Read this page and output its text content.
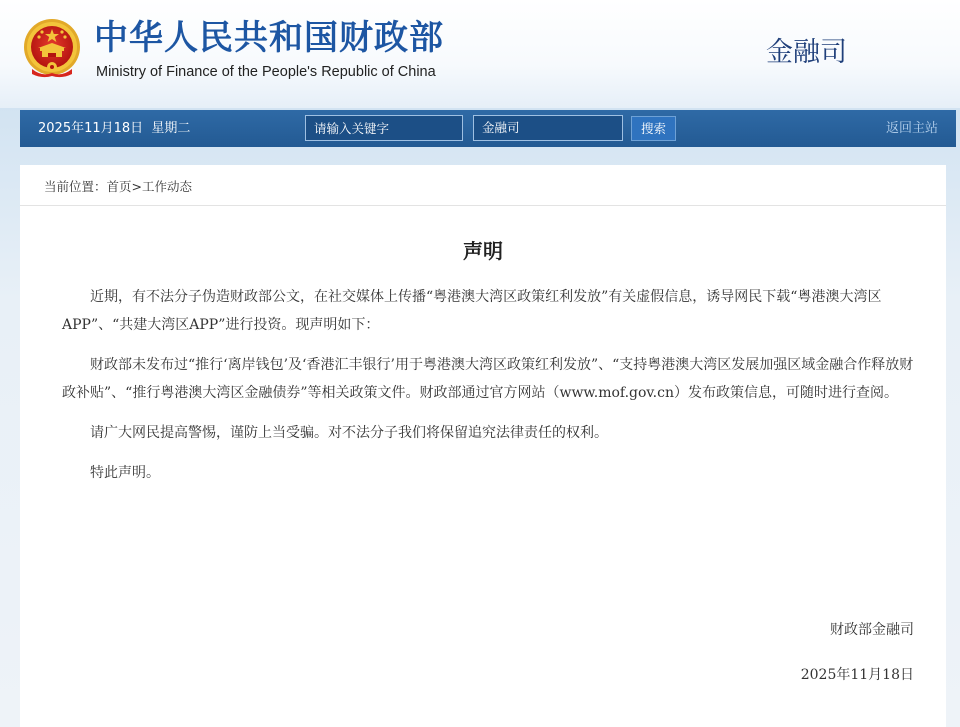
中华人民共和国财政部
Ministry of Finance of the People's Republic of China
金融司
2025年11月18日  星期二
请输入关键字	金融司	搜索	返回主站
当前位置：首页>工作动态
声明

近期，有不法分子伪造财政部公文，在社交媒体上传播“粤港澳大湾区政策红利发放”有关虚假信息，诱导网民下载“粤港澳大湾区APP”、“共建大湾区APP”进行投资。现声明如下：

财政部未发布过“推行‘离岸钱包’及‘香港汇丰银行’用于粤港澳大湾区政策红利发放”、“支持粤港澳大湾区发展加强区域金融合作释放财政补贴”、“推行粤港澳大湾区金融债券”等相关政策文件。财政部通过官方网站（www.mof.gov.cn）发布政策信息，可随时进行查阅。

请广大网民提高警惕，谨防上当受骗。对不法分子我们将保留追究法律责任的权利。

特此声明。

财政部金融司
2025年11月18日
